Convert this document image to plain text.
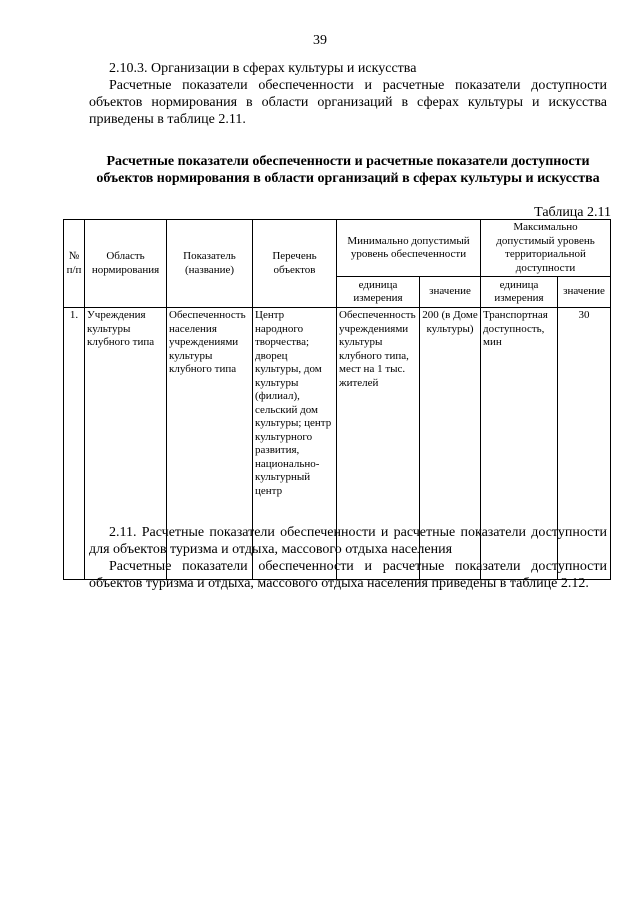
39
2.10.3. Организации в сферах культуры и искусства
Расчетные показатели обеспеченности и расчетные показатели доступности объектов нормирования в области организаций в сферах культуры и искусства приведены в таблице 2.11.
Расчетные показатели обеспеченности и расчетные показатели доступности объектов нормирования в области организаций в сферах культуры и искусства
Таблица 2.11
№
п/п	Область нормирования	Показатель (название)	Перечень объектов	Минимально допустимый уровень обеспеченности		Максимально допустимый уровень территориальной доступности	
				единица измерения	значение	единица измерения	значение
1.	Учреждения культуры клубного типа	Обеспеченность населения учреждениями культуры клубного типа	Центр народного творчества; дворец культуры, дом культуры (филиал), сельский дом культуры; центр культурного развития, национально-культурный центр	Обеспеченность учреждениями культуры клубного типа, мест на 1 тыс. жителей	200 (в Доме культуры)	Транспортная доступность, мин	30
2.11. Расчетные показатели обеспеченности и расчетные показатели доступности для объектов туризма и отдыха, массового отдыха населения
Расчетные показатели обеспеченности и расчетные показатели доступности объектов туризма и отдыха, массового отдыха населения приведены в таблице 2.12.
